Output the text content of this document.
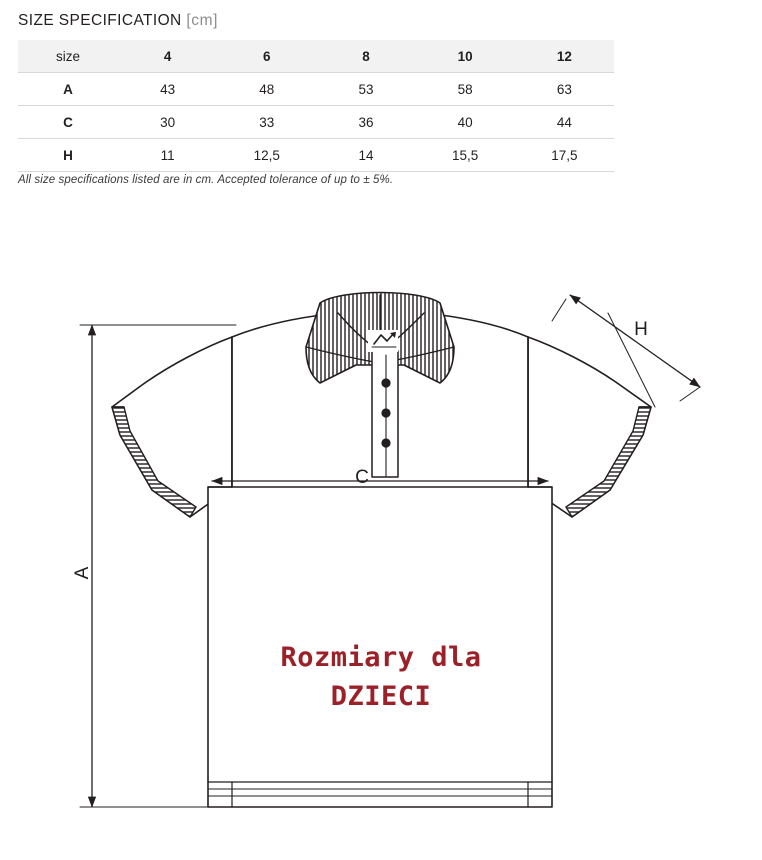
SIZE SPECIFICATION [cm]
size	4	6	8	10	12
A	43	48	53	58	63
C	30	33	36	40	44
H	11	12,5	14	15,5	17,5
All size specifications listed are in cm. Accepted tolerance of up to ± 5%.
A
C
H
Rozmiary dla
DZIECI
